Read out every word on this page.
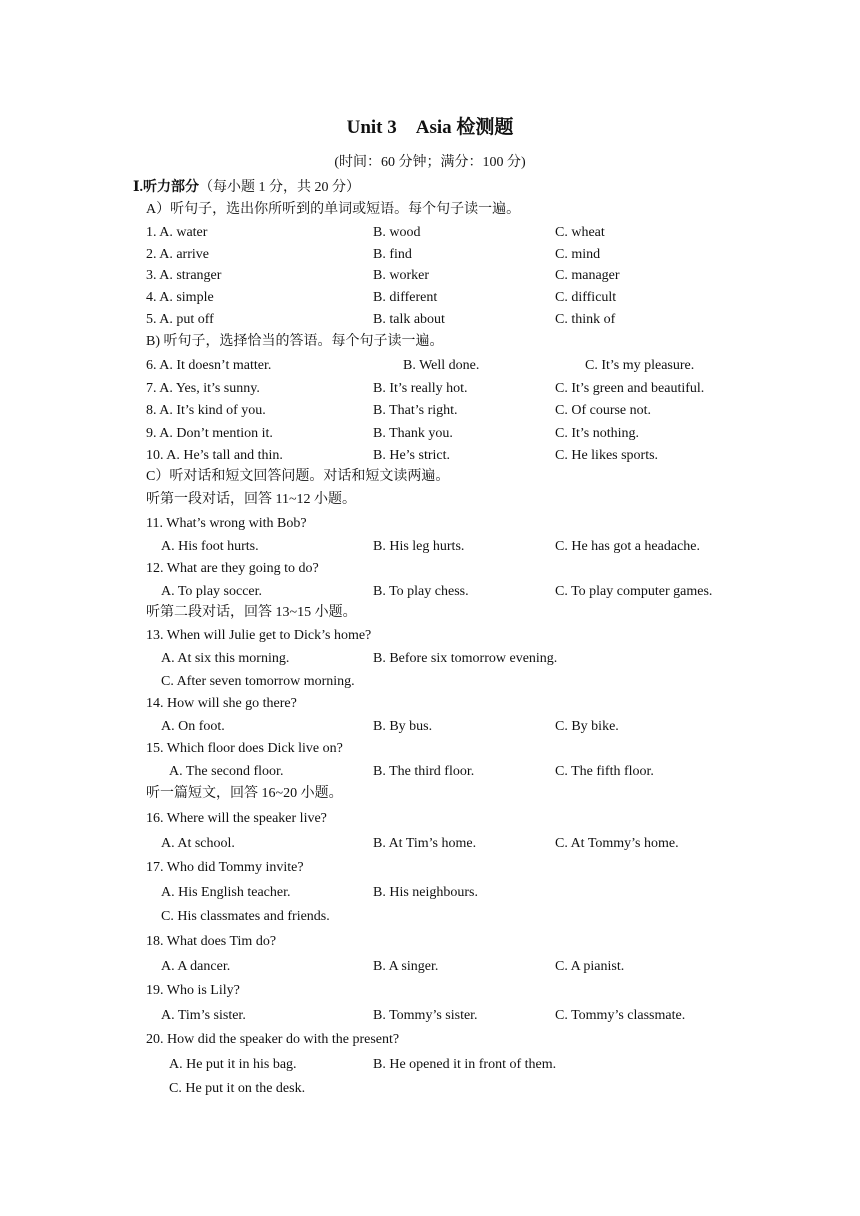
Unit 3　Asia 检测题
(时间：60 分钟；满分：100 分)
Ⅰ.听力部分（每小题 1 分，共 20 分）
A）听句子，选出你所听到的单词或短语。每个句子读一遍。
1. A. water	B. wood	C. wheat
2. A. arrive	B. find	C. mind
3. A. stranger	B. worker	C. manager
4. A. simple	B. different	C. difficult
5. A. put off	B. talk about	C. think of
B) 听句子，选择恰当的答语。每个句子读一遍。
6. A. It doesn’t matter.	B. Well done.	C. It’s my pleasure.
7. A. Yes, it’s sunny.	B. It’s really hot.	C. It’s green and beautiful.
8. A. It’s kind of you.	B. That’s right.	C. Of course not.
9. A. Don’t mention it.	B. Thank you.	C. It’s nothing.
10. A. He’s tall and thin.	B. He’s strict.	C. He likes sports.
C）听对话和短文回答问题。对话和短文读两遍。
听第一段对话，回答 11~12 小题。
11. What’s wrong with Bob?
A. His foot hurts.	B. His leg hurts.	C. He has got a headache.
12. What are they going to do?
A. To play soccer.	B. To play chess.	C. To play computer games.
听第二段对话，回答 13~15 小题。
13. When will Julie get to Dick’s home?
A. At six this morning.	B. Before six tomorrow evening.
C. After seven tomorrow morning.
14. How will she go there?
A. On foot.	B. By bus.	C. By bike.
15. Which floor does Dick live on?
A. The second floor.	B. The third floor.	C. The fifth floor.
听一篇短文，回答 16~20 小题。
16. Where will the speaker live?
A. At school.	B. At Tim’s home.	C. At Tommy’s home.
17. Who did Tommy invite?
A. His English teacher.	B. His neighbours.
C. His classmates and friends.
18. What does Tim do?
A. A dancer.	B. A singer.	C. A pianist.
19. Who is Lily?
A. Tim’s sister.	B. Tommy’s sister.	C. Tommy’s classmate.
20. How did the speaker do with the present?
A. He put it in his bag.	B. He opened it in front of them.
C. He put it on the desk.
